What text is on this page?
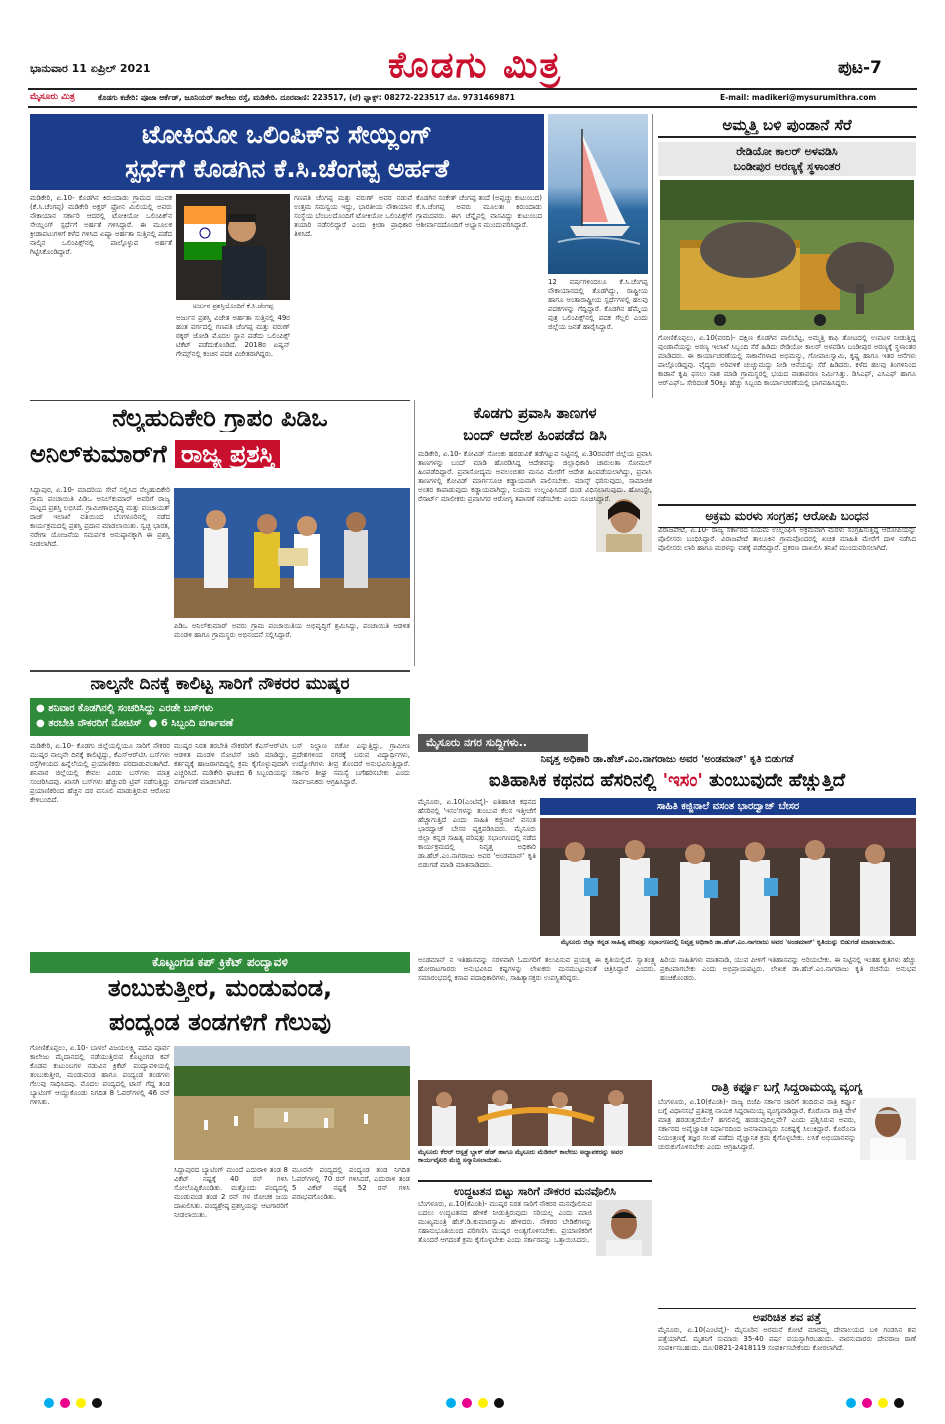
ಭಾನುವಾರ 11 ಏಪ್ರಿಲ್ 2021	ಕೊಡಗು ಮಿತ್ರ	ಪುಟ-7
ಮೈಸೂರು ಮಿತ್ರ	ಕೊಡಗು ಕಚೇರಿ: ಪೂಜಾ ಆರ್ಕೆಡ್, ಜೂನಿಯರ್ ಕಾಲೇಜು ರಸ್ತೆ, ಮಡಿಕೇರಿ. ದೂರವಾಣಿ: 223517, (ಟೆ) ಫ್ಯಾಕ್ಸ್: 08272-223517 ಮೊ. 9731469871	E-mail: madikeri@mysurumithra.com
ಟೋಕಿಯೋ ಒಲಿಂಪಿಕ್‌ನ ಸೇಯ್ಲಿಂಗ್
ಸ್ಪರ್ಧೆಗೆ ಕೊಡಗಿನ ಕೆ.ಸಿ.ಚೆಂಗಪ್ಪ ಅರ್ಹತೆ
ಅರ್ಜುನ ಪ್ರಶಸ್ತಿಯೊಂದಿಗೆ ಕೆ.ಸಿ.ಚೆಂಗಪ್ಪ
ಮಡಿಕೇರಿ, ಏ.10- ಕೊಡಗಿನ ಕಿರುಂದಾಡು ಗ್ರಾಮದ ಯುವಕ (ಕೆ.ಸಿ.ಚೆಂಗಪ್ಪ) ಮಡಿಕೇರಿ ಅಕ್ಷರ್ ಫ್ರೋನ ಮಿಲಿಯಲ್ಲಿ ಅವರು ನೌಕಾಯಾನ ಸರ್ಕಾರಿ ಆದರಲ್ಲಿ ಟೋಕಿಯೋ ಒಲಿಂಪಿಕ್‌ನ ಸೇಯ್ಲಿಂಗ್ ಸ್ಪರ್ಧೆಗೆ ಅರ್ಹತೆ ಗಳಿಸಿದ್ದಾರೆ. ಈ ಮೂಲಕ ಕ್ರೀಡಾಪಟುಗಳಿಗೆ ಕಳೆದ ಗಳಿಸಿದ ಏಷ್ಯಾ ಅರ್ಹತಾ ಸುತ್ತಿನಲ್ಲಿ ಪಡೆದ ನಾಲ್ಕಿನ ಒಲಿಂಪಿಕ್ಸ್‌ನಲ್ಲಿ ಪಾಲ್ಗೊಳ್ಳುವ ಅರ್ಹತೆ ಗಿಟ್ಟಿಸಿಕೊಂಡಿದ್ದಾರೆ.
ಅರ್ಜುನ ಪ್ರಶಸ್ತಿ ವಿಜೇತ ಅರ್ಹತಾ ಸುತ್ತಿನಲ್ಲಿ 49ರ ಹಂತ ವರ್ಗದಲ್ಲಿ ಗಣಪತಿ ಚೆಂಗಪ್ಪ ಮತ್ತು ವರುಣ್ ಠಕ್ಕರ್ ಜೋಡಿ ಮೊದಲ ಸ್ಥಾನ ಪಡೆದು ಒಲಿಂಪಿಕ್ಸ್ ಟಿಕೆಟ್ ಪಡೆದುಕೊಂಡಿದೆ. 2018ರ ಏಷ್ಯನ್ ಗೇಮ್ಸ್‌ನಲ್ಲಿ ಕಂಚಿನ ಪದಕ ವಿಜೇತರಾಗಿದ್ದರು.
ಗಣಪತಿ ಚೆಂಗಪ್ಪ ಮತ್ತು ವರುಣ್ ಅವರ ನಡುವೆ ಉತ್ತಮ ಸಮನ್ವಯ ಇದ್ದು, ಭಾರತೀಯ ನೌಕಾಯಾನ ಸಂಸ್ಥೆಯ ಬೆಂಬಲದೊಂದಿಗೆ ಟೋಕಿಯೋ ಒಲಿಂಪಿಕ್ಸ್‌ಗೆ ತಯಾರಿ ನಡೆಸಲಿದ್ದಾರೆ ಎಂದು ಕ್ರೀಡಾ ಪ್ರಾಧಿಕಾರ ತಿಳಿಸಿದೆ.
ಕೊಡಗಿನ ಸಂಕೇತ್ ಚೆಂಗಪ್ಪ ತಂದೆ (ಅಪ್ಪಚ್ಚು ಕುಟುಂಬದ) ಕೆ.ಸಿ.ಚೆಂಗಪ್ಪ ಅವರು ಮೂಲತಃ ಕಿರುಂದಾಡು ಗ್ರಾಮದವರು. ಈಗ ಚೆನ್ನೈನಲ್ಲಿ ವಾಸವಿದ್ದು ಕುಟುಂಬದ ಆಶೀರ್ವಾದದೊಂದಿಗೆ ಅಭ್ಯಾಸ ಮುಂದುವರಿಸಿದ್ದಾರೆ.
12 ವರ್ಷಗಳಿಂದಲೂ ಕೆ.ಸಿ.ಚೆಂಗಪ್ಪ ನೌಕಾಯಾನದಲ್ಲಿ ತೊಡಗಿದ್ದು, ರಾಷ್ಟ್ರೀಯ ಹಾಗೂ ಅಂತಾರಾಷ್ಟ್ರೀಯ ಸ್ಪರ್ಧೆಗಳಲ್ಲಿ ಹಲವು ಪದಕಗಳನ್ನು ಗೆದ್ದಿದ್ದಾರೆ. ಕೊಡಗಿನ ಹೆಮ್ಮೆಯ ಪುತ್ರ ಒಲಿಂಪಿಕ್ಸ್‌ನಲ್ಲಿ ಪದಕ ಗೆಲ್ಲಲಿ ಎಂದು ಜಿಲ್ಲೆಯ ಜನತೆ ಹಾರೈಸಿದ್ದಾರೆ.
ಅಮ್ಮತ್ತಿ ಬಳಿ ಪುಂಡಾನೆ ಸೆರೆ
ರೇಡಿಯೋ ಕಾಲರ್ ಅಳವಡಿಸಿ
ಬಂಡೀಪುರ ಅರಣ್ಯಕ್ಕೆ ಸ್ಥಳಾಂತರ
ಗೋಣಿಕೊಪ್ಪಲು, ಏ.10(ವರದಿ)- ದಕ್ಷಿಣ ಕೊಡಗಿನ ಪಾಲಿಬೆಟ್ಟ, ಅಮ್ಮತ್ತಿ ಕಾಫಿ ತೋಟದಲ್ಲಿ ಉಪಟಳ ನೀಡುತ್ತಿದ್ದ ಪುಂಡಾನೆಯನ್ನು ಅರಣ್ಯ ಇಲಾಖೆ ಸಿಬ್ಬಂದಿ ಸೆರೆ ಹಿಡಿದು ರೇಡಿಯೋ ಕಾಲರ್ ಅಳವಡಿಸಿ ಬಂಡೀಪುರ ಅರಣ್ಯಕ್ಕೆ ಸ್ಥಳಾಂತರ ಮಾಡಿದರು. ಈ ಕಾರ್ಯಾಚರಣೆಯಲ್ಲಿ ಸಾಕಾನೆಗಳಾದ ಅಭಿಮನ್ಯು, ಗೋಪಾಲಸ್ವಾಮಿ, ಕೃಷ್ಣ ಹಾಗೂ ಇತರ ಆನೆಗಳು ಪಾಲ್ಗೊಂಡಿದ್ದವು. ವೈದ್ಯರು ಅರಿವಳಿಕೆ ಚುಚ್ಚುಮದ್ದು ನೀಡಿ ಆನೆಯನ್ನು ಸೆರೆ ಹಿಡಿದರು. ಕಳೆದ ಹಲವು ತಿಂಗಳಿನಿಂದ ಕಾಡಾನೆ ಕೃಷಿ ಫಸಲು ನಾಶ ಮಾಡಿ ಗ್ರಾಮಸ್ಥರಲ್ಲಿ ಭಯದ ವಾತಾವರಣ ನಿರ್ಮಿಸಿತ್ತು. ಡಿಸಿಎಫ್, ಎಸಿಎಫ್ ಹಾಗೂ ಆರ್‌ಎಫ್‌ಒ ಸೇರಿದಂತೆ 50ಕ್ಕೂ ಹೆಚ್ಚು ಸಿಬ್ಬಂದಿ ಕಾರ್ಯಾಚರಣೆಯಲ್ಲಿ ಭಾಗವಹಿಸಿದ್ದರು.
ನೆಲ್ಯಹುದಿಕೇರಿ ಗ್ರಾಪಂ ಪಿಡಿಒ
ಅನಿಲ್‌ಕುಮಾರ್‌ಗೆ ರಾಜ್ಯ ಪ್ರಶಸ್ತಿ
ಸಿದ್ದಾಪುರ, ಏ.10- ಮಾದರಿಯ ಸೇವೆ ಸಲ್ಲಿಸಿದ ನೆಲ್ಯಹುದಿಕೇರಿ ಗ್ರಾಮ ಪಂಚಾಯಿತಿ ಪಿಡಿಒ ಅನಿಲ್‌ಕುಮಾರ್ ಅವರಿಗೆ ರಾಜ್ಯ ಮಟ್ಟದ ಪ್ರಶಸ್ತಿ ಲಭಿಸಿದೆ. ಗ್ರಾಮೀಣಾಭಿವೃದ್ಧಿ ಮತ್ತು ಪಂಚಾಯತ್ ರಾಜ್ ಇಲಾಖೆ ವತಿಯಿಂದ ಬೆಂಗಳೂರಿನಲ್ಲಿ ನಡೆದ ಕಾರ್ಯಕ್ರಮದಲ್ಲಿ ಪ್ರಶಸ್ತಿ ಪ್ರದಾನ ಮಾಡಲಾಯಿತು. ಸ್ವಚ್ಛ ಭಾರತ, ನರೇಗಾ ಯೋಜನೆಯ ಸಮರ್ಪಕ ಅನುಷ್ಠಾನಕ್ಕಾಗಿ ಈ ಪ್ರಶಸ್ತಿ ನೀಡಲಾಗಿದೆ.
ಪಿಡಿಒ ಅನಿಲ್‌ಕುಮಾರ್ ಅವರು ಗ್ರಾಮ ಪಂಚಾಯಿತಿಯ ಅಭಿವೃದ್ಧಿಗೆ ಶ್ರಮಿಸಿದ್ದು, ಪಂಚಾಯಿತಿ ಆಡಳಿತ ಮಂಡಳಿ ಹಾಗೂ ಗ್ರಾಮಸ್ಥರು ಅಭಿನಂದನೆ ಸಲ್ಲಿಸಿದ್ದಾರೆ.
ಕೊಡಗು ಪ್ರವಾಸಿ ತಾಣಗಳ
ಬಂದ್ ಆದೇಶ ಹಿಂಪಡೆದ ಡಿಸಿ
ಮಡಿಕೇರಿ, ಏ.10- ಕೋವಿಡ್ ಸೋಂಕು ಹರಡುವಿಕೆ ತಡೆಗಟ್ಟುವ ನಿಟ್ಟಿನಲ್ಲಿ ಏ.30ರವರೆಗೆ ಜಿಲ್ಲೆಯ ಪ್ರವಾಸಿ ತಾಣಗಳನ್ನು ಬಂದ್ ಮಾಡಿ ಹೊರಡಿಸಿದ್ದ ಆದೇಶವನ್ನು ಜಿಲ್ಲಾಧಿಕಾರಿ ಚಾರುಲತಾ ಸೋಮಲ್ ಹಿಂಪಡೆದಿದ್ದಾರೆ. ಪ್ರವಾಸೋದ್ಯಮ ಅವಲಂಬಿತರ ಮನವಿ ಮೇರೆಗೆ ಆದೇಶ ಹಿಂಪಡೆಯಲಾಗಿದ್ದು, ಪ್ರವಾಸಿ ತಾಣಗಳಲ್ಲಿ ಕೋವಿಡ್ ಮಾರ್ಗಸೂಚಿ ಕಡ್ಡಾಯವಾಗಿ ಪಾಲಿಸಬೇಕು. ಮಾಸ್ಕ್ ಧರಿಸುವುದು, ಸಾಮಾಜಿಕ ಅಂತರ ಕಾಪಾಡುವುದು ಕಡ್ಡಾಯವಾಗಿದ್ದು, ನಿಯಮ ಉಲ್ಲಂಘಿಸಿದರೆ ದಂಡ ವಿಧಿಸಲಾಗುವುದು. ಹೋಂಸ್ಟೇ, ರೆಸಾರ್ಟ್ ಮಾಲೀಕರು ಪ್ರವಾಸಿಗರ ಆರೋಗ್ಯ ತಪಾಸಣೆ ನಡೆಸಬೇಕು ಎಂದು ಸೂಚಿಸಿದ್ದಾರೆ.
ಅಕ್ರಮ ಮರಳು ಸಂಗ್ರಹ; ಆರೋಪಿ ಬಂಧನ
ವಿರಾಜಪೇಟೆ, ಏ.10- ರಾಜ್ಯ ಸರ್ಕಾರದ ನಿಯಮ ಉಲ್ಲಂಘಿಸಿ ಅಕ್ರಮವಾಗಿ ಮರಳು ಸಂಗ್ರಹಿಸುತ್ತಿದ್ದ ಆರೋಪಿಯನ್ನು ಪೊಲೀಸರು ಬಂಧಿಸಿದ್ದಾರೆ. ವಿರಾಜಪೇಟೆ ತಾಲೂಕಿನ ಗ್ರಾಮವೊಂದರಲ್ಲಿ ಖಚಿತ ಮಾಹಿತಿ ಮೇರೆಗೆ ದಾಳಿ ನಡೆಸಿದ ಪೊಲೀಸರು ಲಾರಿ ಹಾಗೂ ಮರಳನ್ನು ವಶಕ್ಕೆ ಪಡೆದಿದ್ದಾರೆ. ಪ್ರಕರಣ ದಾಖಲಿಸಿ ತನಿಖೆ ಮುಂದುವರಿಸಲಾಗಿದೆ.
ನಾಲ್ಕನೇ ದಿನಕ್ಕೆ ಕಾಲಿಟ್ಟ ಸಾರಿಗೆ ನೌಕರರ ಮುಷ್ಕರ
● ಶನಿವಾರ ಕೊಡಗಿನಲ್ಲಿ ಸಂಚರಿಸಿದ್ದು ಎರಡೇ ಬಸ್‌ಗಳು
● ತರಬೇತಿ ನೌಕರರಿಗೆ ನೋಟಿಸ್  ● 6 ಸಿಬ್ಬಂದಿ ವರ್ಗಾವಣೆ
ಮಡಿಕೇರಿ, ಏ.10- ಕೊಡಗು ಜಿಲ್ಲೆಯಲ್ಲಿಯೂ ಸಾರಿಗೆ ನೌಕರರ ಮುಷ್ಕರ ನಾಲ್ಕನೇ ದಿನಕ್ಕೆ ಕಾಲಿಟ್ಟಿದ್ದು, ಕೆಎಸ್‌ಆರ್‌ಟಿಸಿ ಬಸ್‌ಗಳು ರಸ್ತೆಗಿಳಿಯದ ಹಿನ್ನೆಲೆಯಲ್ಲಿ ಪ್ರಯಾಣಿಕರು ಪರದಾಡುವಂತಾಗಿದೆ. ಶನಿವಾರ ಜಿಲ್ಲೆಯಲ್ಲಿ ಕೇವಲ ಎರಡು ಬಸ್‌ಗಳು ಮಾತ್ರ ಸಂಚರಿಸಿದವು. ಖಾಸಗಿ ಬಸ್‌ಗಳು ಹೆಚ್ಚುವರಿ ಟ್ರಿಪ್ ನಡೆಸುತ್ತಿದ್ದು ಪ್ರಯಾಣಿಕರಿಂದ ಹೆಚ್ಚಿನ ದರ ವಸೂಲಿ ಮಾಡುತ್ತಿರುವ ಆರೋಪ ಕೇಳಿಬಂದಿದೆ.
ಮುಷ್ಕರ ನಿರತ ತರಬೇತಿ ನೌಕರರಿಗೆ ಕೆಎಸ್‌ಆರ್‌ಟಿಸಿ ಆಡಳಿತ ಮಂಡಳಿ ನೋಟಿಸ್ ಜಾರಿ ಮಾಡಿದ್ದು, ಕರ್ತವ್ಯಕ್ಕೆ ಹಾಜರಾಗದಿದ್ದಲ್ಲಿ ಕ್ರಮ ಕೈಗೊಳ್ಳುವುದಾಗಿ ಎಚ್ಚರಿಸಿದೆ. ಮಡಿಕೇರಿ ಘಟಕದ 6 ಸಿಬ್ಬಂದಿಯನ್ನು ವರ್ಗಾವಣೆ ಮಾಡಲಾಗಿದೆ.
ಬಸ್ ನಿಲ್ದಾಣ ಬಿಕೋ ಎನ್ನುತ್ತಿದ್ದು, ಗ್ರಾಮೀಣ ಪ್ರದೇಶಗಳಿಂದ ನಗರಕ್ಕೆ ಬರುವ ವಿದ್ಯಾರ್ಥಿಗಳು, ಉದ್ಯೋಗಿಗಳು ತೀವ್ರ ತೊಂದರೆ ಅನುಭವಿಸುತ್ತಿದ್ದಾರೆ. ಸರ್ಕಾರ ಶೀಘ್ರ ಸಮಸ್ಯೆ ಬಗೆಹರಿಸಬೇಕು ಎಂದು ಸಾರ್ವಜನಿಕರು ಆಗ್ರಹಿಸಿದ್ದಾರೆ.
ಮೈಸೂರು ನಗರ ಸುದ್ದಿಗಳು..
ನಿವೃತ್ತ ಅಧಿಕಾರಿ ಡಾ.ಹೆಚ್.ಎಂ.ನಾಗರಾಜು ಅವರ 'ಅಂಡಮಾನ್' ಕೃತಿ ಬಿಡುಗಡೆ
ಐತಿಹಾಸಿಕ ಕಥನದ ಹೆಸರಿನಲ್ಲಿ 'ಇಸಂ' ತುಂಬುವುದೇ ಹೆಚ್ಚುತ್ತಿದೆ
ಮೈಸೂರು, ಏ.10(ಎಂಟಿವೈ)- ಐತಿಹಾಸಿಕ ಕಥನದ ಹೆಸರಿನಲ್ಲಿ 'ಇಸಂ'ಗಳನ್ನು ತುಂಬುವ ಕೆಲಸ ಇತ್ತೀಚೆಗೆ ಹೆಚ್ಚಾಗುತ್ತಿದೆ ಎಂದು ಸಾಹಿತಿ ಕಜ್ಜಿನಾಲೆ ವಸಂತ ಭಾರದ್ವಾಜ್ ಬೇಸರ ವ್ಯಕ್ತಪಡಿಸಿದರು. ಮೈಸೂರು ಜಿಲ್ಲಾ ಕನ್ನಡ ಸಾಹಿತ್ಯ ಪರಿಷತ್ತು ಸಭಾಂಗಣದಲ್ಲಿ ನಡೆದ ಕಾರ್ಯಕ್ರಮದಲ್ಲಿ ನಿವೃತ್ತ ಅಧಿಕಾರಿ ಡಾ.ಹೆಚ್.ಎಂ.ನಾಗರಾಜು ಅವರ 'ಅಂಡಮಾನ್' ಕೃತಿ ಬಿಡುಗಡೆ ಮಾಡಿ ಮಾತನಾಡಿದರು.
ಸಾಹಿತಿ ಕಜ್ಜಿನಾಲೆ ವಸಂತ ಭಾರದ್ವಾಜ್ ಬೇಸರ
ಮೈಸೂರು ಜಿಲ್ಲಾ ಕನ್ನಡ ಸಾಹಿತ್ಯ ಪರಿಷತ್ತು ಸಭಾಂಗಣದಲ್ಲಿ ನಿವೃತ್ತ ಅಧಿಕಾರಿ ಡಾ.ಹೆಚ್.ಎಂ.ನಾಗರಾಜು ಅವರ 'ಅಂಡಮಾನ್' ಕೃತಿಯನ್ನು ಬಿಡುಗಡೆ ಮಾಡಲಾಯಿತು.
ಅಂಡಮಾನ್ ನ ಇತಿಹಾಸವನ್ನು ಸರಳವಾಗಿ ಓದುಗರಿಗೆ ತಲುಪಿಸುವ ಪ್ರಯತ್ನ ಈ ಕೃತಿಯಲ್ಲಿದೆ. ಸ್ವಾತಂತ್ರ್ಯ ಹೋರಾಟಗಾರರು ಅನುಭವಿಸಿದ ಕಷ್ಟಗಳನ್ನು ಲೇಖಕರು ಮನಮುಟ್ಟುವಂತೆ ಚಿತ್ರಿಸಿದ್ದಾರೆ ಎಂದರು. ಸಮಾರಂಭದಲ್ಲಿ ಕಸಾಪ ಪದಾಧಿಕಾರಿಗಳು, ಸಾಹಿತ್ಯಾಸಕ್ತರು ಉಪಸ್ಥಿತರಿದ್ದರು.
ಹಿರಿಯ ಸಾಹಿತಿಗಳು ಮಾತನಾಡಿ, ಯುವ ಪೀಳಿಗೆ ಇತಿಹಾಸವನ್ನು ಅರಿಯಬೇಕು. ಈ ನಿಟ್ಟಿನಲ್ಲಿ ಇಂತಹ ಕೃತಿಗಳು ಹೆಚ್ಚು ಪ್ರಕಟವಾಗಬೇಕು ಎಂದು ಅಭಿಪ್ರಾಯಪಟ್ಟರು. ಲೇಖಕ ಡಾ.ಹೆಚ್.ಎಂ.ನಾಗರಾಜು ಕೃತಿ ರಚನೆಯ ಅನುಭವ ಹಂಚಿಕೊಂಡರು.
ಕೊಟ್ಟಂಗಡ ಕಪ್ ಕ್ರಿಕೆಟ್ ಪಂದ್ಯಾವಳಿ
ತಂಬುಕುತ್ತೀರ, ಮಂಡುವಂಡ,
ಪಂದ್ಯಂಡ ತಂಡಗಳಿಗೆ ಗೆಲುವು
ಗೋಣಿಕೊಪ್ಪಲು, ಏ.10- ಬಾಳಲೆ ವಿಜಯಲಕ್ಷ್ಮಿ ಪದವಿ ಪೂರ್ವ ಕಾಲೇಜು ಮೈದಾನದಲ್ಲಿ ನಡೆಯುತ್ತಿರುವ ಕೊಟ್ಟಂಗಡ ಕಪ್ ಕೊಡವ ಕುಟುಂಬಗಳ ನಡುವಿನ ಕ್ರಿಕೆಟ್ ಪಂದ್ಯಾವಳಿಯಲ್ಲಿ ತಂಬುಕುತ್ತೀರ, ಮಂಡುವಂಡ ಹಾಗೂ ಪಂದ್ಯಂಡ ತಂಡಗಳು ಗೆಲುವು ಸಾಧಿಸಿದವು. ಮೊದಲ ಪಂದ್ಯದಲ್ಲಿ ಟಾಸ್ ಗೆದ್ದ ತಂಡ ಬ್ಯಾಟಿಂಗ್ ಆಯ್ದುಕೊಂಡು ನಿಗದಿತ 8 ಓವರ್‌ಗಳಲ್ಲಿ 46 ರನ್ ಗಳಿಸಿತು.
ಸಿದ್ದಾಪುರದ ಬ್ಯಾಟಿಂಗ್ ಮುಂದೆ ಎದುರಾಳಿ ತಂಡ 8 ವಿಕೆಟ್ ನಷ್ಟಕ್ಕೆ 40 ರನ್ ಗಳಿಸಿ ಸೋಲೊಪ್ಪಿಕೊಂಡಿತು. ಮತ್ತೊಂದು ಪಂದ್ಯದಲ್ಲಿ ಮಂಡುವಂಡ ತಂಡ 2 ರನ್ ಗಳ ರೋಚಕ ಜಯ ದಾಖಲಿಸಿತು. ಪಂದ್ಯಶ್ರೇಷ್ಠ ಪ್ರಶಸ್ತಿಯನ್ನು ಆಟಗಾರರಿಗೆ ನೀಡಲಾಯಿತು.
ಮೂರನೇ ಪಂದ್ಯದಲ್ಲಿ ಪಂದ್ಯಂಡ ತಂಡ ನಿಗದಿತ ಓವರ್‌ಗಳಲ್ಲಿ 70 ರನ್ ಗಳಿಸಿದರೆ, ಎದುರಾಳಿ ತಂಡ 5 ವಿಕೆಟ್ ನಷ್ಟಕ್ಕೆ 52 ರನ್ ಗಳಿಸಿ ಪರಾಭವಗೊಂಡಿತು.
ಮೈಸೂರು ಕೆಆರ್ ಆಸ್ಪತ್ರೆ ಬ್ಲಾಕ್ ಹೆಡ್ ಹಾಗೂ ಮೈಸೂರು ಮೆಡಿಕಲ್ ಕಾಲೇಜು ಅಧ್ಯಾಪಕರನ್ನು ಅವರ ಕಾರ್ಯವೈಖರಿ ಮೆಚ್ಚಿ ಸನ್ಮಾನಿಸಲಾಯಿತು.
ಉದ್ಧಟತನ ಬಿಟ್ಟು ಸಾರಿಗೆ ನೌಕರರ ಮನವೊಲಿಸಿ
ಬೆಂಗಳೂರು, ಏ.10(ಕೆಎಂಶಿ)- ಮುಷ್ಕರ ನಿರತ ಸಾರಿಗೆ ನೌಕರರ ಮನವೊಲಿಸುವ ಬದಲು ಉದ್ಧಟತನದ ಹೇಳಿಕೆ ನೀಡುತ್ತಿರುವುದು ಸರಿಯಲ್ಲ ಎಂದು ಮಾಜಿ ಮುಖ್ಯಮಂತ್ರಿ ಹೆಚ್.ಡಿ.ಕುಮಾರಸ್ವಾಮಿ ಹೇಳಿದರು. ನೌಕರರ ಬೇಡಿಕೆಗಳನ್ನು ಸಹಾನುಭೂತಿಯಿಂದ ಪರಿಗಣಿಸಿ ಮುಷ್ಕರ ಅಂತ್ಯಗೊಳಿಸಬೇಕು. ಪ್ರಯಾಣಿಕರಿಗೆ ತೊಂದರೆ ಆಗದಂತೆ ಕ್ರಮ ಕೈಗೊಳ್ಳಬೇಕು ಎಂದು ಸರ್ಕಾರವನ್ನು ಒತ್ತಾಯಿಸಿದರು.
ರಾತ್ರಿ ಕರ್ಫ್ಯೂ ಬಗ್ಗೆ ಸಿದ್ದರಾಮಯ್ಯ ವ್ಯಂಗ್ಯ
ಬೆಂಗಳೂರು, ಏ.10(ಕೆಎಂಶಿ)- ರಾಜ್ಯ ಬಿಜೆಪಿ ಸರ್ಕಾರ ಜಾರಿಗೆ ತಂದಿರುವ ರಾತ್ರಿ ಕರ್ಫ್ಯೂ ಬಗ್ಗೆ ವಿಧಾನಸಭೆ ಪ್ರತಿಪಕ್ಷ ನಾಯಕ ಸಿದ್ದರಾಮಯ್ಯ ವ್ಯಂಗ್ಯವಾಡಿದ್ದಾರೆ. ಕೊರೊನಾ ರಾತ್ರಿ ವೇಳೆ ಮಾತ್ರ ಹರಡುತ್ತದೆಯೇ? ಹಗಲಿನಲ್ಲಿ ಹರಡುವುದಿಲ್ಲವೇ? ಎಂದು ಪ್ರಶ್ನಿಸಿರುವ ಅವರು, ಸರ್ಕಾರದ ಅವೈಜ್ಞಾನಿಕ ನಿರ್ಧಾರದಿಂದ ಜನಸಾಮಾನ್ಯರು ಸಂಕಷ್ಟಕ್ಕೆ ಸಿಲುಕಿದ್ದಾರೆ. ಕೊರೊನಾ ನಿಯಂತ್ರಣಕ್ಕೆ ತಜ್ಞರ ಸಲಹೆ ಪಡೆದು ವೈಜ್ಞಾನಿಕ ಕ್ರಮ ಕೈಗೊಳ್ಳಬೇಕು. ಲಸಿಕೆ ಅಭಿಯಾನವನ್ನು ಚುರುಕುಗೊಳಿಸಬೇಕು ಎಂದು ಆಗ್ರಹಿಸಿದ್ದಾರೆ.
ಅಪರಿಚಿತ ಶವ ಪತ್ತೆ
ಮೈಸೂರು, ಏ.10(ಎಂಟಿವೈ)- ಮೈಸೂರಿನ ಅರಮನೆ ಕೋಟೆ ಮಾರಮ್ಮ ದೇವಾಲಯದ ಬಳಿ ಗಂಡಸಿನ ಶವ ಪತ್ತೆಯಾಗಿದೆ. ಮೃತನಿಗೆ ಸುಮಾರು 35-40 ವರ್ಷ ವಯಸ್ಸಾಗಿರಬಹುದು. ವಾರಸುದಾರರು ದೇವರಾಜ ಠಾಣೆ ಸಂಪರ್ಕಿಸಬಹುದು. ದೂ:0821-2418119 ಸಂಪರ್ಕಿಸಬೇಕೆಂದು ಕೋರಲಾಗಿದೆ.
